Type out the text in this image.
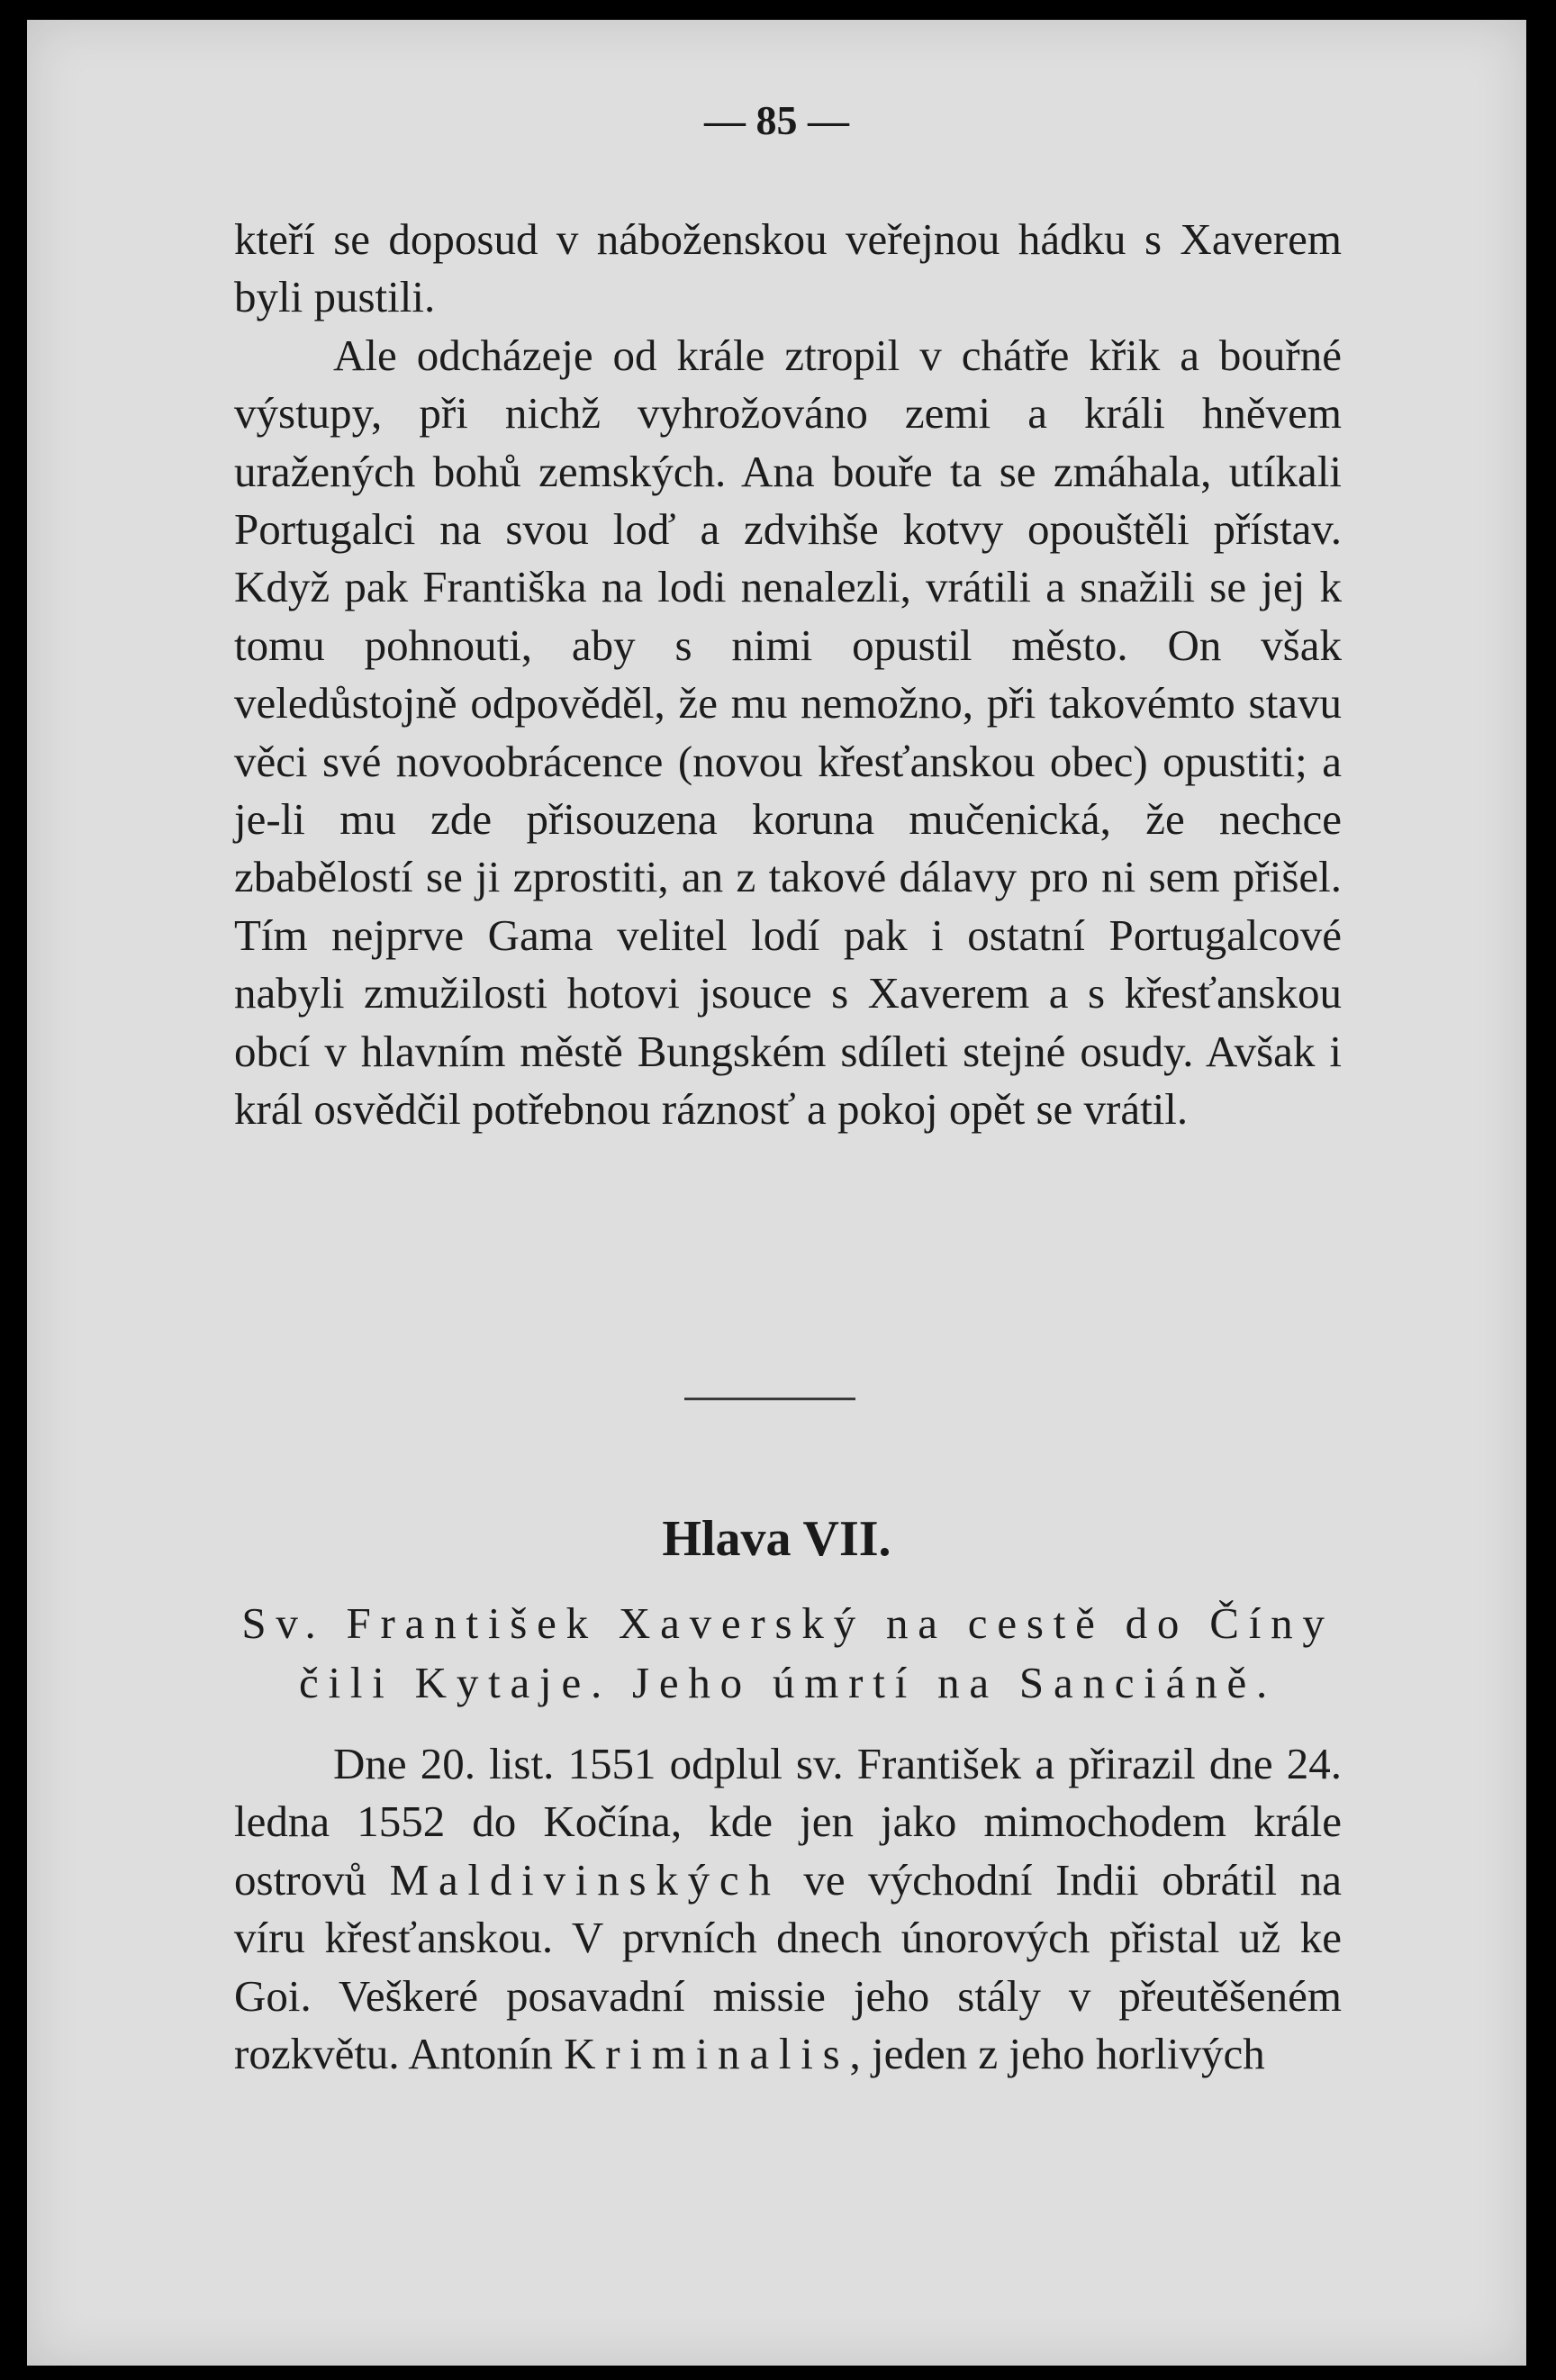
— 85 —

kteří se doposud v náboženskou veřejnou hádku s Xaverem byli pustili.

Ale odcházeje od krále ztropil v chátře křik a bouřné výstupy, při nichž vyhrožováno zemi a králi hněvem uražených bohů zemských. Ana bouře ta se zmáhala, utíkali Portugalci na svou loď a zdvihše kotvy opouštěli přístav. Když pak Františka na lodi nenalezli, vrátili a snažili se jej k tomu pohnouti, aby s nimi opustil město. On však veledůstojně odpověděl, že mu nemožno, při takovémto stavu věci své novoobrácence (novou křesťanskou obec) opustiti; a je-li mu zde přisouzena koruna mučenická, že nechce zbabělostí se ji zprostiti, an z takové dálavy pro ni sem přišel. Tím nejprve Gama velitel lodí pak i ostatní Portugalcové nabyli zmužilosti hotovi jsouce s Xaverem a s křesťanskou obcí v hlavním městě Bungském sdíleti stejné osudy. Avšak i král osvědčil potřebnou ráznosť a pokoj opět se vrátil.

Hlava VII.
Sv. František Xaverský na cestě do Číny čili Kytaje. Jeho úmrtí na Sanciáně.

Dne 20. list. 1551 odplul sv. František a přirazil dne 24. ledna 1552 do Kočína, kde jen jako mimochodem krále ostrovů Maldivinských ve východní Indii obrátil na víru křesťanskou. V prvních dnech únorových přistal už ke Goi. Veškeré posavadní missie jeho stály v přeutěšeném rozkvětu. Antonín Kriminalis, jeden z jeho horlivých
